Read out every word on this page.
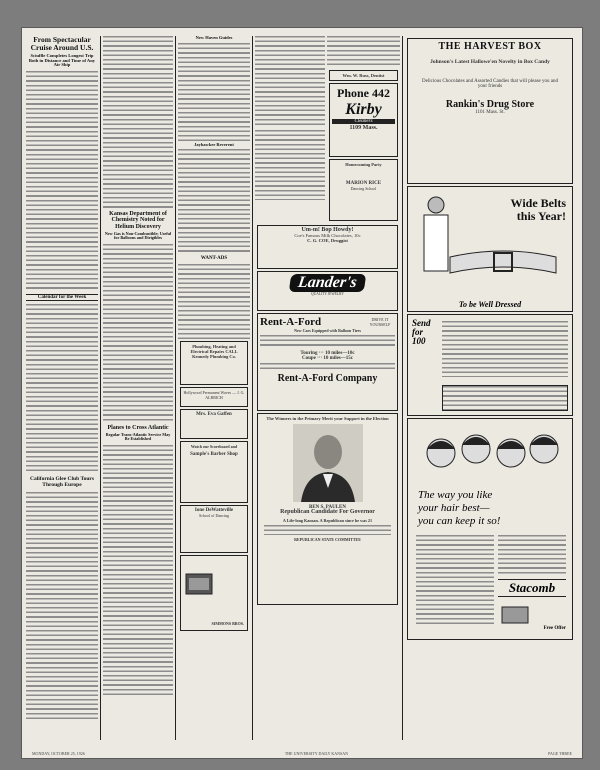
From Spectacular Cruise Around U.S.
Sciuffle Completes Longest Trip Both in Distance and Time of Any Air Ship
Calendar for the Week
California Glee Club Tours Through Europe
Kansas Department of Chemistry Noted for Helium Discovery
New Gas is Non-Combustible; Useful for Balloons and Dirigibles
Planes to Cross Atlantic
Regular Trans-Atlantic Service May Be Established
New Haven Guides
Jayhawker Reverent
WANT-ADS
Plumbing, Heating and Electrical Repairs CALL Kennedy Plumbing Co.
Hollywood Permanent Waves — J. G. ALBRICH
Mrs. Eva Gaffen
Watch our Scoreboard and
Sample's Barber Shop
Ione DeWatteville
School of Dancing
SIMMONS BROS.
Wm. W. Russ, Dentist
Phone 442
Kirby
Cleaners
1109 Mass.
Homecoming Party
MARION RICE
Dancing School
Um-m! Bop Howdy!
Coe's Famous Milk Chocolates, 10c
C. G. COE, Druggist
Lander's
QUALITY JEWELRY
Rent-A-Ford	DRIVE IT YOURSELF
New Cars Equipped with Balloon Tires
Touring ··· 10 miles—10c
Coupe ··· 10 miles—15c
Rent-A-Ford Company
The Winners in the Primary Merit your Support in the Election
BEN S. PAULEN
Republican Candidate For Governor
A Life-long Kansan. A Republican since he was 21
REPUBLICAN STATE COMMITTEE
THE HARVEST BOX
Johnson's Latest Hallowe'en Novelty in Box Candy
Delicious Chocolates and Assorted Candies that will please you and your friends
Rankin's Drug Store
1101 Mass. St.
Wide Belts
this Year!
To be Well Dressed
Send for 100
The way you like
your hair best—
you can keep it so!
Stacomb
Free Offer
MONDAY, OCTOBER 25, 1926	THE UNIVERSITY DAILY KANSAN	PAGE THREE
